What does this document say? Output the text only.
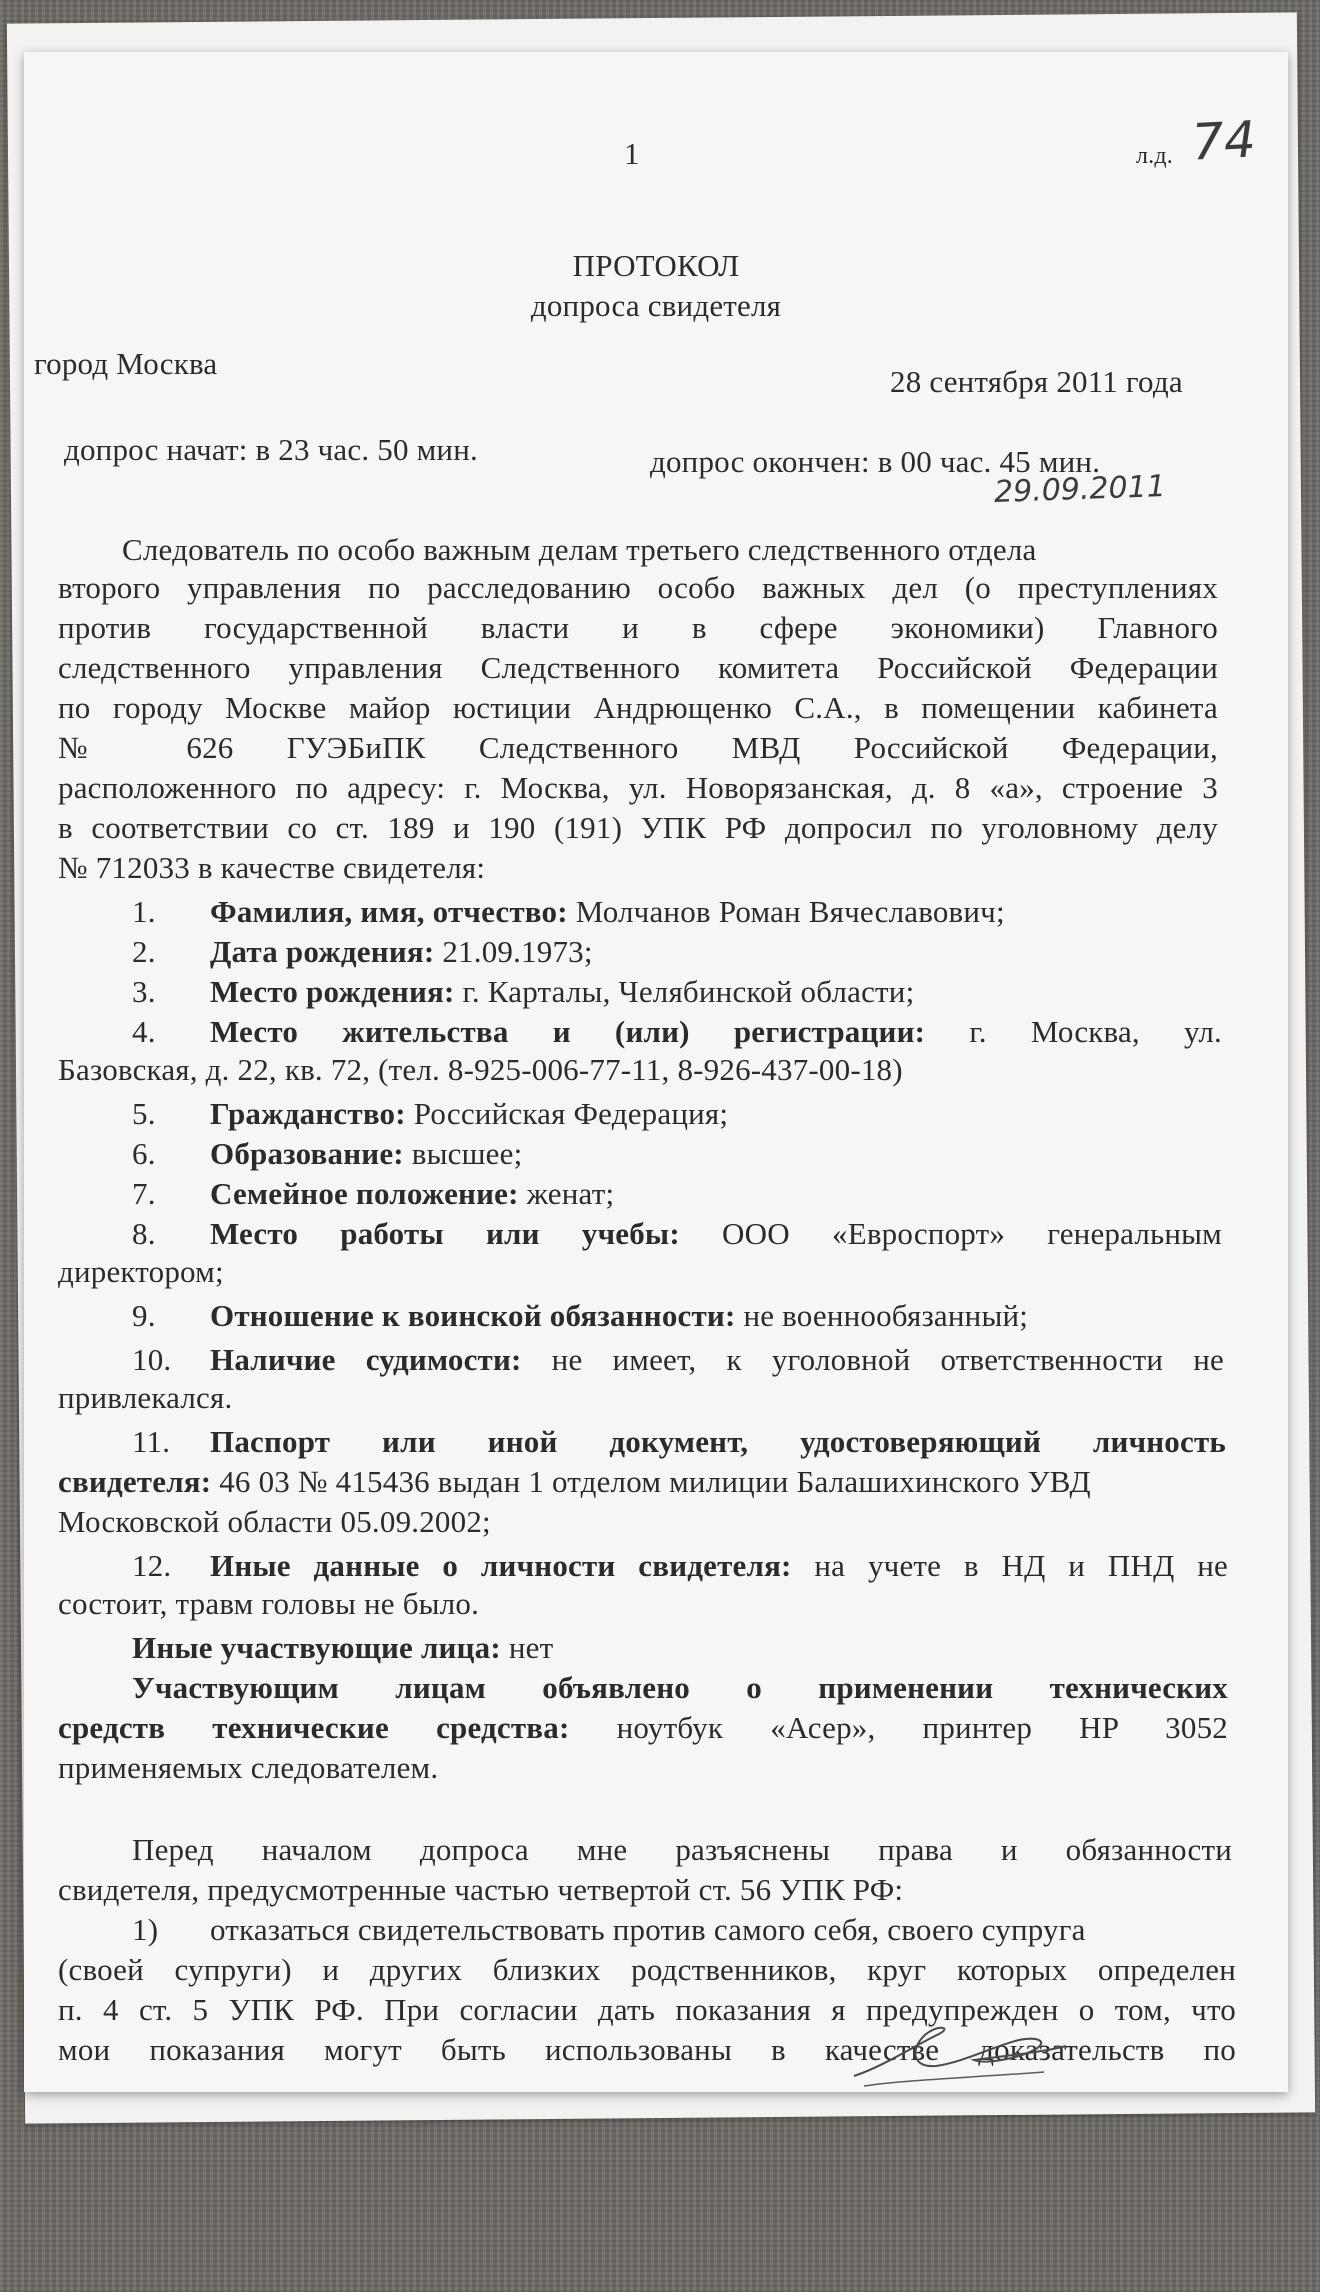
1	л.д. 74
ПРОТОКОЛ
допроса свидетеля
город Москва
28 сентября 2011 года
допрос начат: в 23 час. 50 мин.	допрос окончен: в 00 час. 45 мин.
29.09.2011
Следователь по особо важным делам третьего следственного отдела
второго управления по расследованию особо важных дел (о преступлениях
против государственной власти и в сфере экономики) Главного
следственного управления Следственного комитета Российской Федерации
по городу Москве майор юстиции Андрющенко С.А., в помещении кабинета
№ 626 ГУЭБиПК Следственного МВД Российской Федерации,
расположенного по адресу: г. Москва, ул. Новорязанская, д. 8 «а», строение 3
в соответствии со ст. 189 и 190 (191) УПК РФ допросил по уголовному делу
№ 712033 в качестве свидетеля:
1. Фамилия, имя, отчество: Молчанов Роман Вячеславович;
2. Дата рождения: 21.09.1973;
3. Место рождения: г. Карталы, Челябинской области;
4. Место жительства и (или) регистрации: г. Москва, ул.
Базовская, д. 22, кв. 72, (тел. 8-925-006-77-11, 8-926-437-00-18)
5. Гражданство: Российская Федерация;
6. Образование: высшее;
7. Семейное положение: женат;
8. Место работы или учебы: ООО «Евроспорт» генеральным
директором;
9. Отношение к воинской обязанности: не военнообязанный;
10. Наличие судимости: не имеет, к уголовной ответственности не
привлекался.
11. Паспорт или иной документ, удостоверяющий личность
свидетеля: 46 03 № 415436 выдан 1 отделом милиции Балашихинского УВД
Московской области 05.09.2002;
12. Иные данные о личности свидетеля: на учете в НД и ПНД не
состоит, травм головы не было.
Иные участвующие лица: нет
Участвующим лицам объявлено о применении технических
средств технические средства: ноутбук «Асер», принтер HP 3052
применяемых следователем.
Перед началом допроса мне разъяснены права и обязанности
свидетеля, предусмотренные частью четвертой ст. 56 УПК РФ:
1) отказаться свидетельствовать против самого себя, своего супруга
(своей супруги) и других близких родственников, круг которых определен
п. 4 ст. 5 УПК РФ. При согласии дать показания я предупрежден о том, что
мои показания могут быть использованы в качестве доказательств по
